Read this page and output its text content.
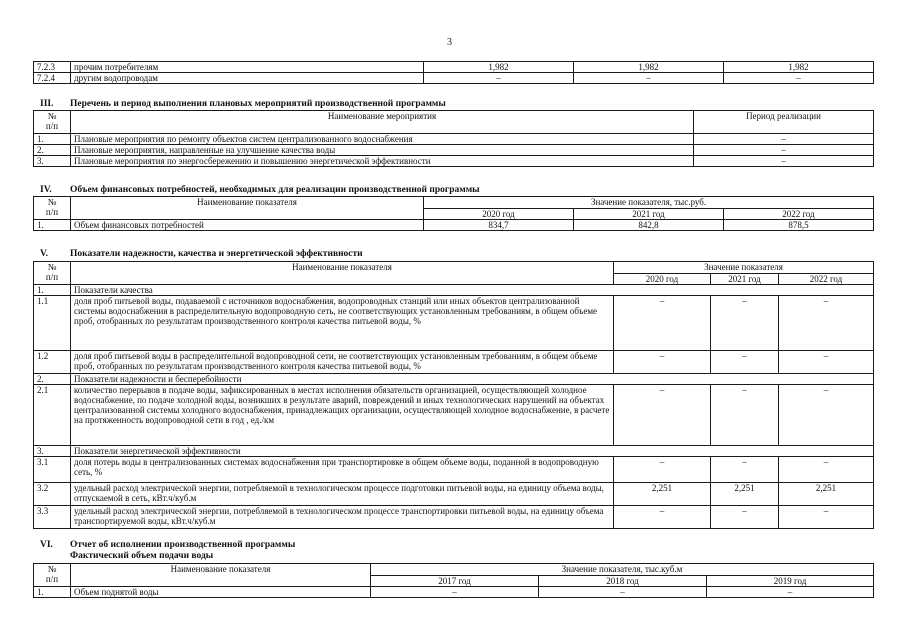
3
7.2.3	прочим потребителям	1,982	1,982	1,982
7.2.4	другим водопроводам	–	–	–
III. Перечень и период выполнения плановых мероприятий производственной программы
№
п/п	Наименование мероприятия	Период реализации
1.	Плановые мероприятия по ремонту объектов систем централизованного водоснабжения	–
2.	Плановые мероприятия, направленные на улучшение качества воды	–
3.	Плановые мероприятия по энергосбережению и повышению энергетической эффективности	–
IV. Объем финансовых потребностей, необходимых для реализации производственной программы
№
п/п	Наименование показателя	Значение показателя, тыс.руб.		
		2020 год	2021 год	2022 год
1.	Объем финансовых потребностей	834,7	842,8	878,5
V. Показатели надежности, качества и энергетической эффективности
№
п/п	Наименование показателя	Значение показателя		
		2020 год	2021 год	2022 год
1.	Показатели качества			
1.1	доля проб питьевой воды, подаваемой с источников водоснабжения, водопроводных станций или иных объектов централизованной системы водоснабжения в распределительную водопроводную сеть, не соответствующих установленным требованиям, в общем объеме проб, отобранных по результатам производственного контроля качества питьевой воды, %	–	–	–
1.2	доля проб питьевой воды в распределительной водопроводной сети, не соответствующих установленным требованиям, в общем объеме проб, отобранных по результатам производственного контроля качества питьевой воды, %	–	–	–
2.	Показатели надежности и бесперебойности			
2.1	количество перерывов в подаче воды, зафиксированных в местах исполнения обязательств организацией, осуществляющей холодное водоснабжение, по подаче холодной воды, возникших в результате аварий, повреждений и иных технологических нарушений на объектах централизованной системы холодного водоснабжения, принадлежащих организации, осуществляющей холодное водоснабжение, в расчете на протяженность водопроводной сети в год , ед./км	–	–	–
3.	Показатели энергетической эффективности			
3.1	доля потерь воды в централизованных системах водоснабжения при транспортировке в общем объеме воды, поданной в водопроводную сеть, %	–	–	–
3.2	удельный расход электрической энергии, потребляемой в технологическом процессе подготовки питьевой воды, на единицу объема воды, отпускаемой в сеть, кВт.ч/куб.м	2,251	2,251	2,251
3.3	удельный расход электрической энергии, потребляемой в технологическом процессе транспортировки питьевой воды, на единицу объема транспортируемой воды, кВт.ч/куб.м	–	–	–
VI. Отчет об исполнении производственной программы
Фактический объем подачи воды
№
п/п	Наименование показателя	Значение показателя, тыс.куб.м		
		2017 год	2018 год	2019 год
1.	Объем поднятой воды	–	–	–
